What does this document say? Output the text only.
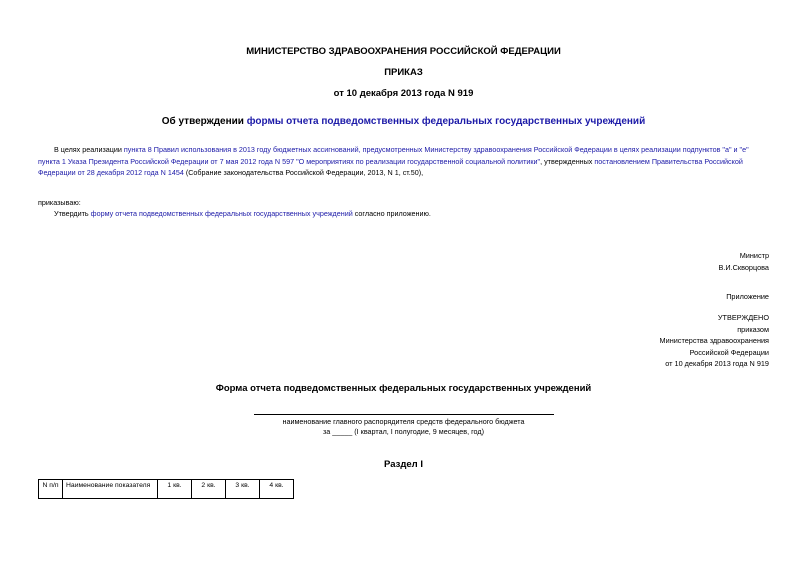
МИНИСТЕРСТВО ЗДРАВООХРАНЕНИЯ РОССИЙСКОЙ ФЕДЕРАЦИИ
ПРИКАЗ
от 10 декабря 2013 года N 919
Об утверждении формы отчета подведомственных федеральных государственных учреждений
В целях реализации пункта 8 Правил использования в 2013 году бюджетных ассигнований, предусмотренных Министерству здравоохранения Российской Федерации в целях реализации подпунктов "а" и "е" пункта 1 Указа Президента Российской Федерации от 7 мая 2012 года N 597 "О мероприятиях по реализации государственной социальной политики", утвержденных постановлением Правительства Российской Федерации от 28 декабря 2012 года N 1454 (Собрание законодательства Российской Федерации, 2013, N 1, ст.50),
приказываю:
Утвердить форму отчета подведомственных федеральных государственных учреждений согласно приложению.
Министр
В.И.Скворцова
Приложение
УТВЕРЖДЕНО
приказом
Министерства здравоохранения
Российской Федерации
от 10 декабря 2013 года N 919
Форма отчета подведомственных федеральных государственных учреждений
наименование главного распорядителя средств федерального бюджета
за _____ (I квартал, I полугодие, 9 месяцев, год)
Раздел I
N п/п	Наименование показателя	1 кв.	2 кв.	3 кв.	4 кв.
